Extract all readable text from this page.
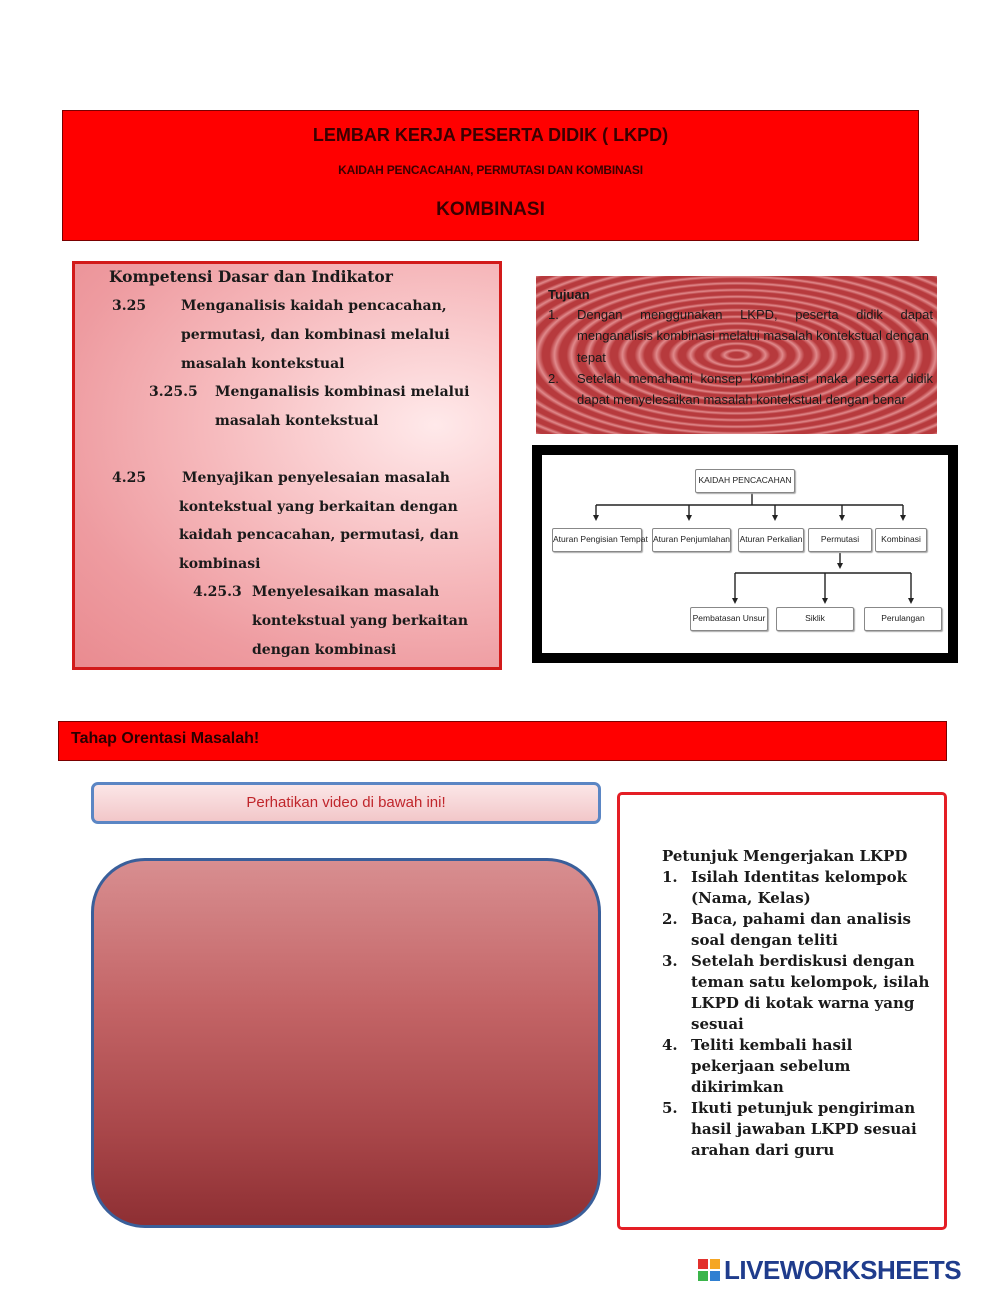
LEMBAR KERJA PESERTA DIDIK ( LKPD)
KAIDAH PENCACAHAN, PERMUTASI DAN KOMBINASI
KOMBINASI
Kompetensi Dasar dan Indikator
3.25 Menganalisis kaidah pencacahan,
permutasi, dan kombinasi melalui
masalah kontekstual
3.25.5 Menganalisis kombinasi melalui
masalah kontekstual
4.25	Menyajikan penyelesaian masalah
kontekstual yang berkaitan dengan
kaidah pencacahan, permutasi, dan
kombinasi
4.25.3 Menyelesaikan masalah
kontekstual yang berkaitan
dengan kombinasi
Tujuan
1. Dengan menggunakan LKPD, peserta didik dapat
menganalisis kombinasi melalui masalah kontekstual dengan
tepat
2. Setelah memahami konsep kombinasi maka peserta didik
dapat menyelesaikan masalah kontekstual dengan benar
KAIDAH PENCACAHAN
Aturan Pengisian Tempat Aturan Penjumlahan Aturan Perkalian	Permutasi	Kombinasi
Pembatasan Unsur	Siklik	Perulangan
Tahap Orentasi Masalah!
Perhatikan video di bawah ini!
Petunjuk Mengerjakan LKPD
1. Isilah Identitas kelompok
(Nama, Kelas)
2. Baca, pahami dan analisis
soal dengan teliti
3. Setelah berdiskusi dengan
teman satu kelompok, isilah
LKPD di kotak warna yang
sesuai
4. Teliti kembali hasil
pekerjaan sebelum
dikirimkan
5. Ikuti petunjuk pengiriman
hasil jawaban LKPD sesuai
arahan dari guru
LIVEWORKSHEETS
